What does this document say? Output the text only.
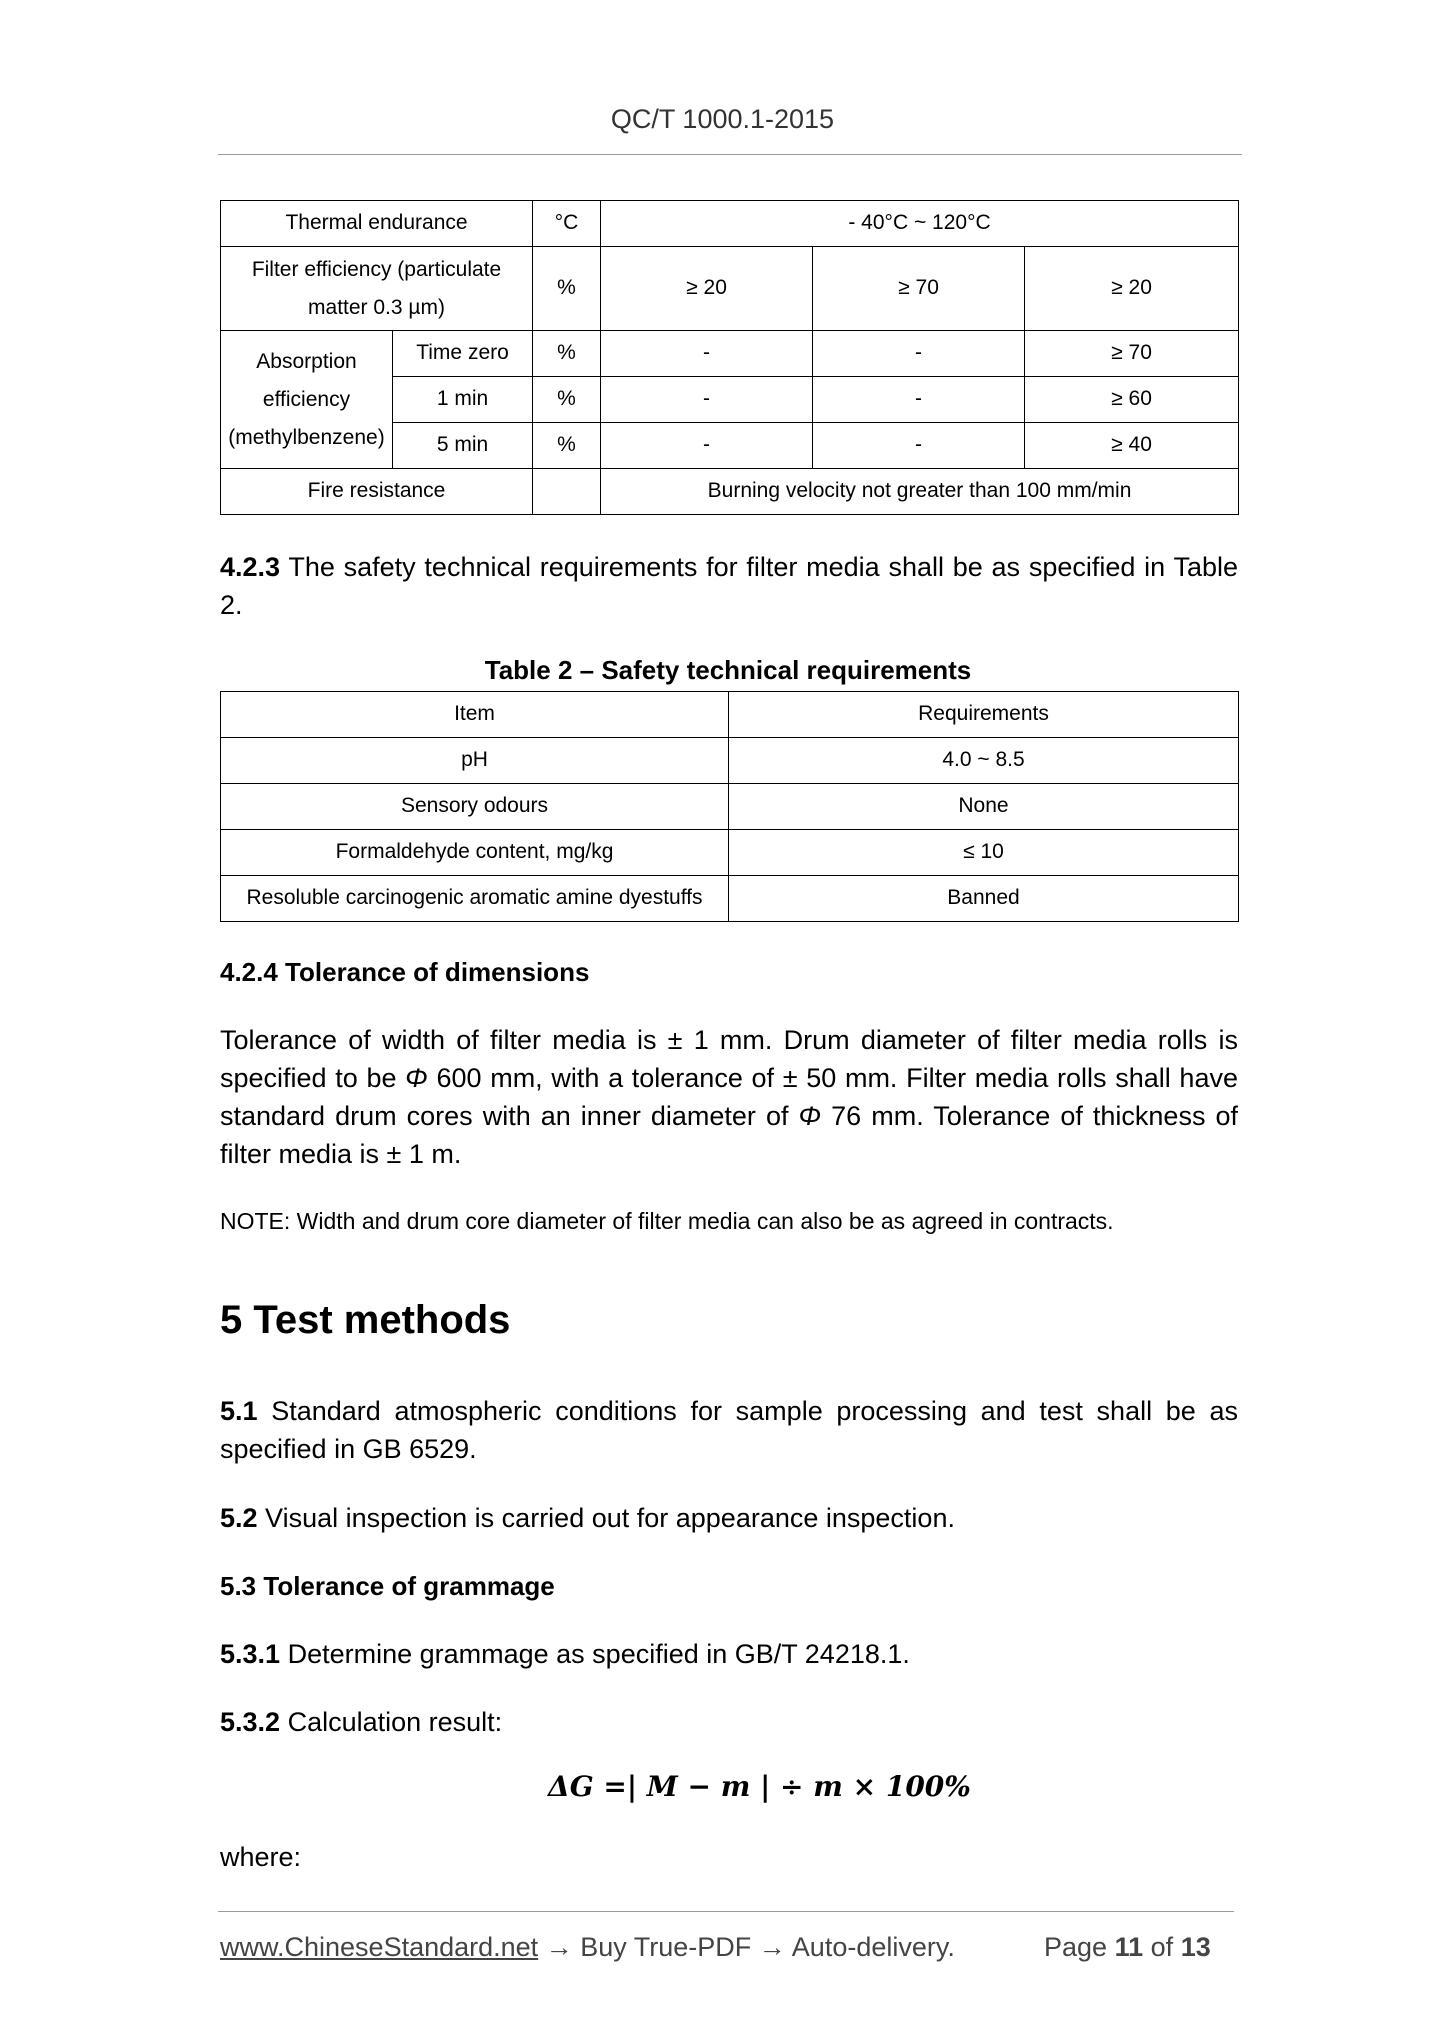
QC/T 1000.1-2015
Thermal endurance		°C	- 40°C ~ 120°C		
Filter efficiency (particulate
matter 0.3 µm)		%	≥ 20	≥ 70	≥ 20
Absorption
efficiency
(methylbenzene)	Time zero	%	-	-	≥ 70
	1 min	%	-	-	≥ 60
	5 min	%	-	-	≥ 40
Fire resistance			Burning velocity not greater than 100 mm/min		
4.2.3 The safety technical requirements for filter media shall be as specified in Table 2.
Table 2 – Safety technical requirements
Item	Requirements
pH	4.0 ~ 8.5
Sensory odours	None
Formaldehyde content, mg/kg	≤ 10
Resoluble carcinogenic aromatic amine dyestuffs	Banned
4.2.4 Tolerance of dimensions
Tolerance of width of filter media is ± 1 mm. Drum diameter of filter media rolls is specified to be Φ 600 mm, with a tolerance of ± 50 mm. Filter media rolls shall have standard drum cores with an inner diameter of Φ 76 mm. Tolerance of thickness of filter media is ± 1 m.
NOTE: Width and drum core diameter of filter media can also be as agreed in contracts.
5 Test methods
5.1 Standard atmospheric conditions for sample processing and test shall be as specified in GB 6529.
5.2 Visual inspection is carried out for appearance inspection.
5.3 Tolerance of grammage
5.3.1 Determine grammage as specified in GB/T 24218.1.
5.3.2 Calculation result:
ΔG =| M − m | ÷ m × 100%
where:
www.ChineseStandard.net → Buy True-PDF → Auto-delivery.	Page 11 of 13
